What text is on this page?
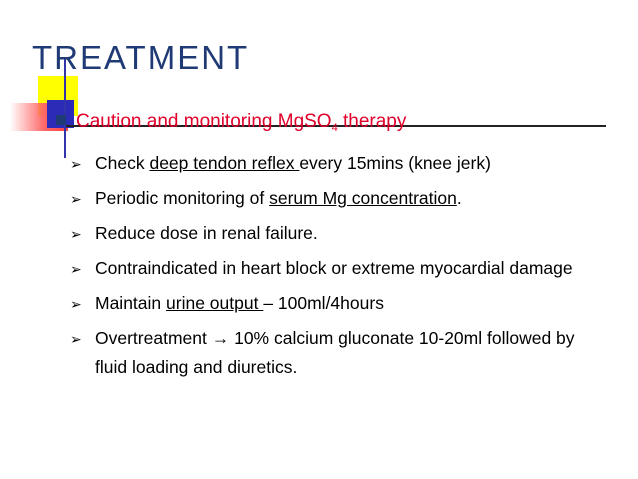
TREATMENT
Caution and monitoring MgSO$_4$ therapy
➢ Check deep tendon reflex every 15mins (knee jerk)
➢ Periodic monitoring of serum Mg concentration.
➢ Reduce dose in renal failure.
➢ Contraindicated in heart block or extreme myocardial damage
➢ Maintain urine output – 100ml/4hours
➢ Overtreatment → 10% calcium gluconate 10-20ml followed by fluid loading and diuretics.
